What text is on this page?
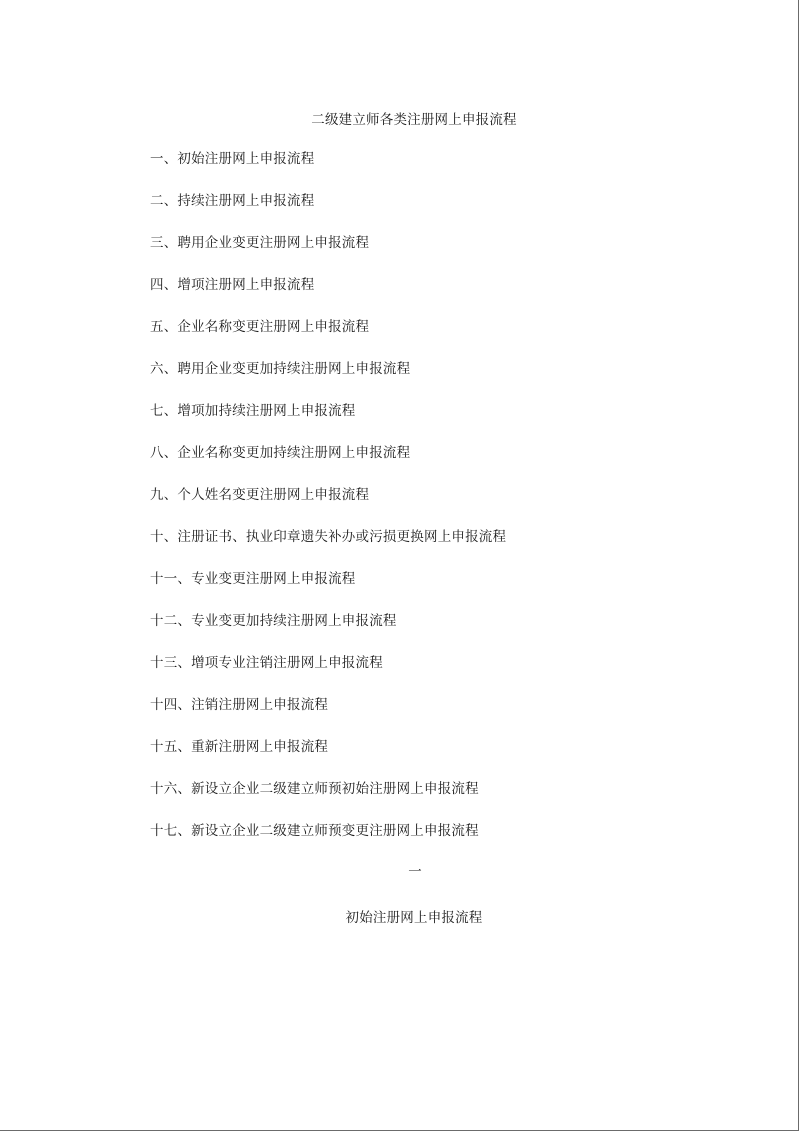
二级建立师各类注册网上申报流程
一、初始注册网上申报流程
二、持续注册网上申报流程
三、聘用企业变更注册网上申报流程
四、增项注册网上申报流程
五、企业名称变更注册网上申报流程
六、聘用企业变更加持续注册网上申报流程
七、增项加持续注册网上申报流程
八、企业名称变更加持续注册网上申报流程
九、个人姓名变更注册网上申报流程
十、注册证书、执业印章遗失补办或污损更换网上申报流程
十一、专业变更注册网上申报流程
十二、专业变更加持续注册网上申报流程
十三、增项专业注销注册网上申报流程
十四、注销注册网上申报流程
十五、重新注册网上申报流程
十六、新设立企业二级建立师预初始注册网上申报流程
十七、新设立企业二级建立师预变更注册网上申报流程
一
初始注册网上申报流程
